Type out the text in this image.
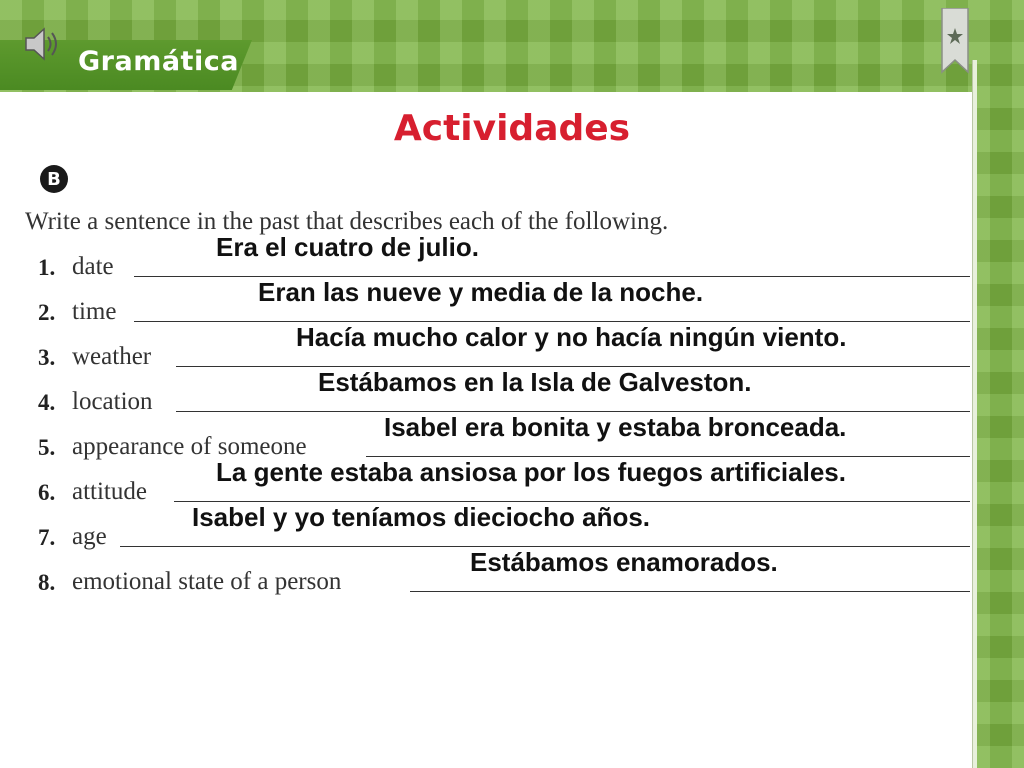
Gramática
Actividades
B
Write a sentence in the past that describes each of the following.
1. date
Era el cuatro de julio.
2. time
Eran las nueve y media de la noche.
3. weather
Hacía mucho calor y no hacía ningún viento.
4. location
Estábamos en la Isla de Galveston.
5. appearance of someone
Isabel era bonita y estaba bronceada.
6. attitude
La gente estaba ansiosa por los fuegos artificiales.
7. age
Isabel y yo teníamos dieciocho años.
8. emotional state of a person
Estábamos enamorados.
